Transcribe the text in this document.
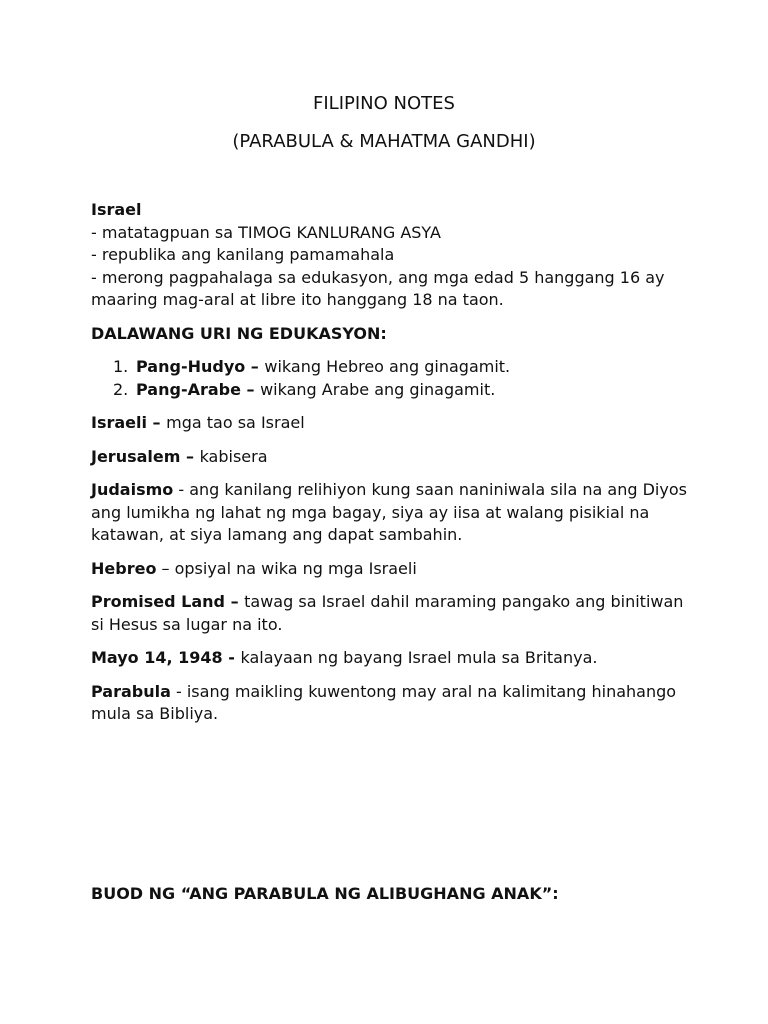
FILIPINO NOTES
(PARABULA & MAHATMA GANDHI)

Israel

- matatagpuan sa TIMOG KANLURANG ASYA

- republika ang kanilang pamamahala

- merong pagpahalaga sa edukasyon, ang mga edad 5 hanggang 16 ay maaring mag-aral at libre ito hanggang 18 na taon.

DALAWANG URI NG EDUKASYON:

1. Pang-Hudyo – wikang Hebreo ang ginagamit.
2. Pang-Arabe – wikang Arabe ang ginagamit.

Israeli – mga tao sa Israel

Jerusalem – kabisera

Judaismo - ang kanilang relihiyon kung saan naniniwala sila na ang Diyos ang lumikha ng lahat ng mga bagay, siya ay iisa at walang pisikial na katawan, at siya lamang ang dapat sambahin.

Hebreo – opsiyal na wika ng mga Israeli

Promised Land – tawag sa Israel dahil maraming pangako ang binitiwan si Hesus sa lugar na ito.

Mayo 14, 1948 - kalayaan ng bayang Israel mula sa Britanya.

Parabula - isang maikling kuwentong may aral na kalimitang hinahango mula sa Bibliya.

BUOD NG “ANG PARABULA NG ALIBUGHANG ANAK”:
